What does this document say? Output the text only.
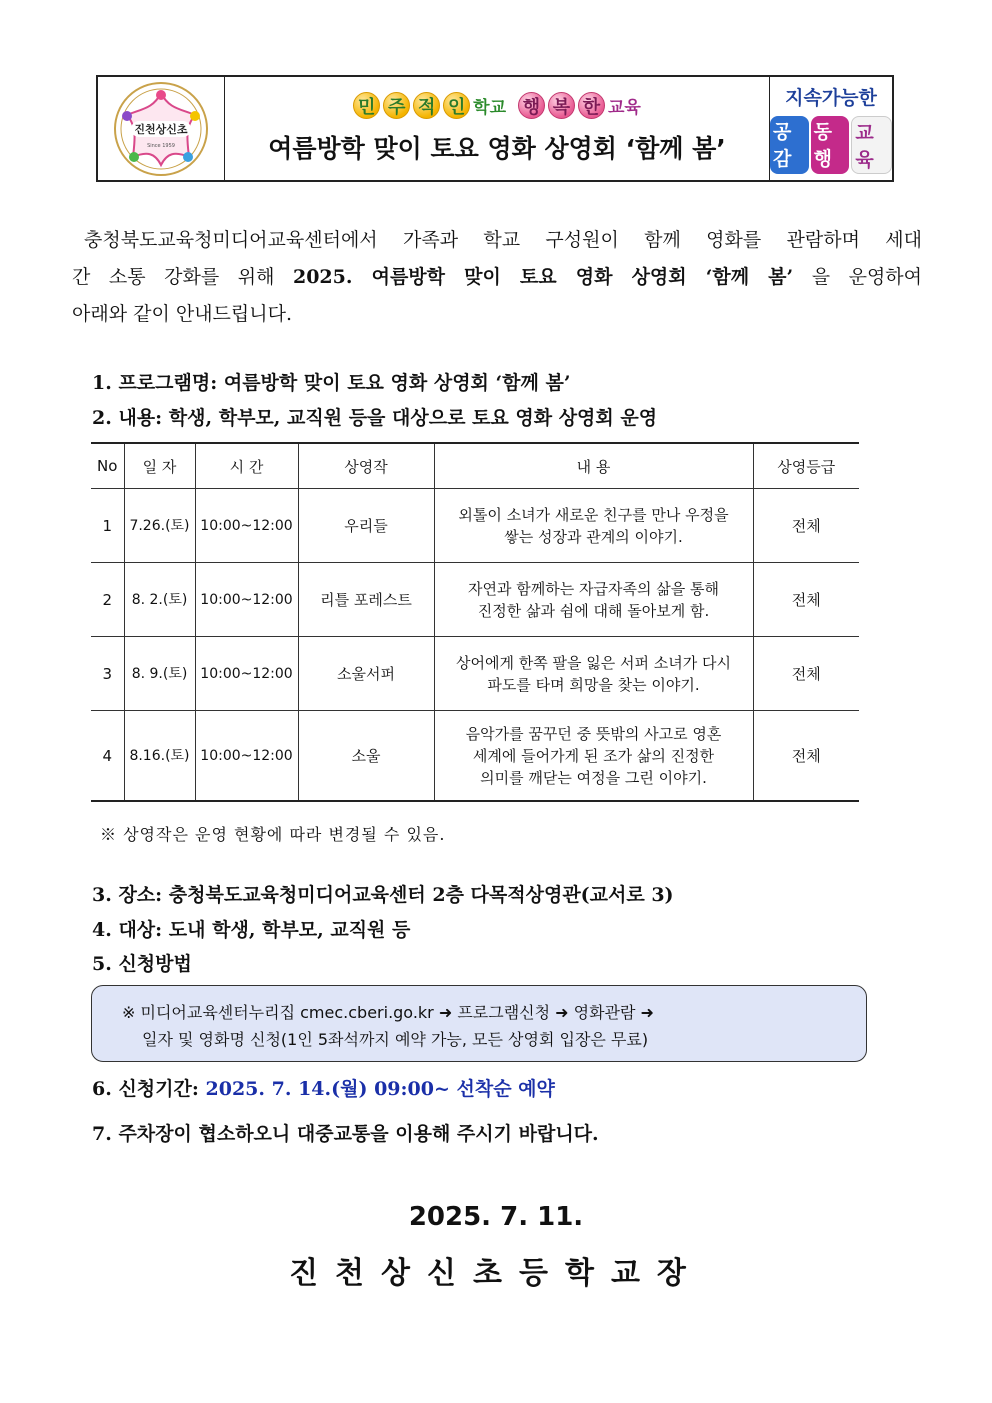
진천상신초
Since 1959
민 주 적 인 학교 행 복 한 교육
여름방학 맞이 토요 영화 상영회 ‘함께 봄’
지속가능한
공감
동행
교육
충청북도교육청미디어교육센터에서 가족과 학교 구성원이 함께 영화를 관람하며 세대
간 소통 강화를 위해 2025. 여름방학 맞이 토요 영화 상영회 ‘함께 봄’ 을 운영하여
아래와 같이 안내드립니다.
1. 프로그램명: 여름방학 맞이 토요 영화 상영회 ‘함께 봄’
2. 내용: 학생, 학부모, 교직원 등을 대상으로 토요 영화 상영회 운영
No	일 자	시 간	상영작	내 용	상영등급
1	7.26.(토)	10:00~12:00	우리들	외톨이 소녀가 새로운 친구를 만나 우정을
쌓는 성장과 관계의 이야기.	전체
2	8. 2.(토)	10:00~12:00	리틀 포레스트	자연과 함께하는 자급자족의 삶을 통해
진정한 삶과 쉼에 대해 돌아보게 함.	전체
3	8. 9.(토)	10:00~12:00	소울서퍼	상어에게 한쪽 팔을 잃은 서퍼 소녀가 다시
파도를 타며 희망을 찾는 이야기.	전체
4	8.16.(토)	10:00~12:00	소울	음악가를 꿈꾸던 중 뜻밖의 사고로 영혼
세계에 들어가게 된 조가 삶의 진정한
의미를 깨닫는 여정을 그린 이야기.	전체
※ 상영작은 운영 현황에 따라 변경될 수 있음.
3. 장소: 충청북도교육청미디어교육센터 2층 다목적상영관(교서로 3)
4. 대상: 도내 학생, 학부모, 교직원 등
5. 신청방법
※ 미디어교육센터누리집 cmec.cberi.go.kr ➜ 프로그램신청 ➜ 영화관람 ➜
일자 및 영화명 신청(1인 5좌석까지 예약 가능, 모든 상영회 입장은 무료)
6. 신청기간: 2025. 7. 14.(월) 09:00~ 선착순 예약
7. 주차장이 협소하오니 대중교통을 이용해 주시기 바랍니다.
2025. 7. 11.
진천상신초등학교장
